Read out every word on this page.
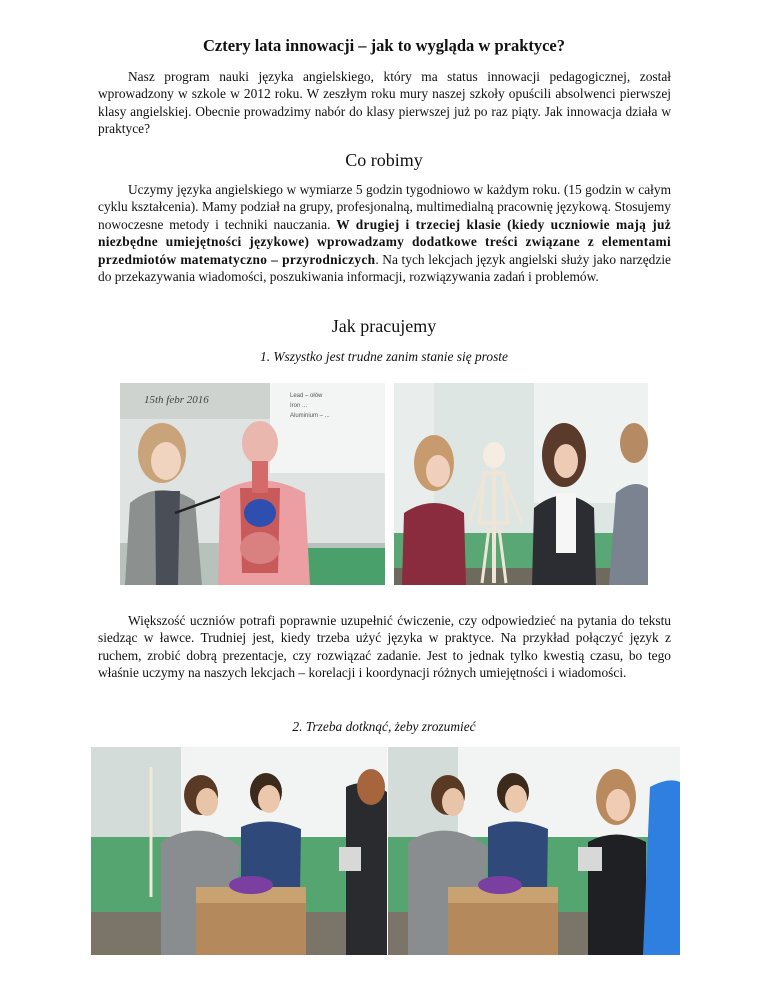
Cztery lata innowacji – jak to wygląda w praktyce?

Nasz program nauki języka angielskiego, który ma status innowacji pedagogicznej, został wprowadzony w szkole w 2012 roku. W zeszłym roku mury naszej szkoły opuścili absolwenci pierwszej klasy angielskiej. Obecnie prowadzimy nabór do klasy pierwszej już po raz piąty. Jak innowacja działa w praktyce?

Co robimy

Uczymy języka angielskiego w wymiarze 5 godzin tygodniowo w każdym roku. (15 godzin w całym cyklu kształcenia). Mamy podział na grupy, profesjonalną, multimedialną pracownię językową. Stosujemy nowoczesne metody i techniki nauczania. W drugiej i trzeciej klasie (kiedy uczniowie mają już niezbędne umiejętności językowe) wprowadzamy dodatkowe treści związane z elementami przedmiotów matematyczno – przyrodniczych. Na tych lekcjach język angielski służy jako narzędzie do przekazywania wiadomości, poszukiwania informacji, rozwiązywania zadań i problemów.

Jak pracujemy

1. Wszystko jest trudne zanim stanie się proste

15th febr 2016	Lead – ołów
Iron ...
Aluminium – ...

Większość uczniów potrafi poprawnie uzupełnić ćwiczenie, czy odpowiedzieć na pytania do tekstu siedząc w ławce. Trudniej jest, kiedy trzeba użyć języka w praktyce. Na przykład połączyć język z ruchem, zrobić dobrą prezentacje, czy rozwiązać zadanie. Jest to jednak tylko kwestią czasu, bo tego właśnie uczymy na naszych lekcjach – korelacji i koordynacji różnych umiejętności i wiadomości.

2. Trzeba dotknąć, żeby zrozumieć
